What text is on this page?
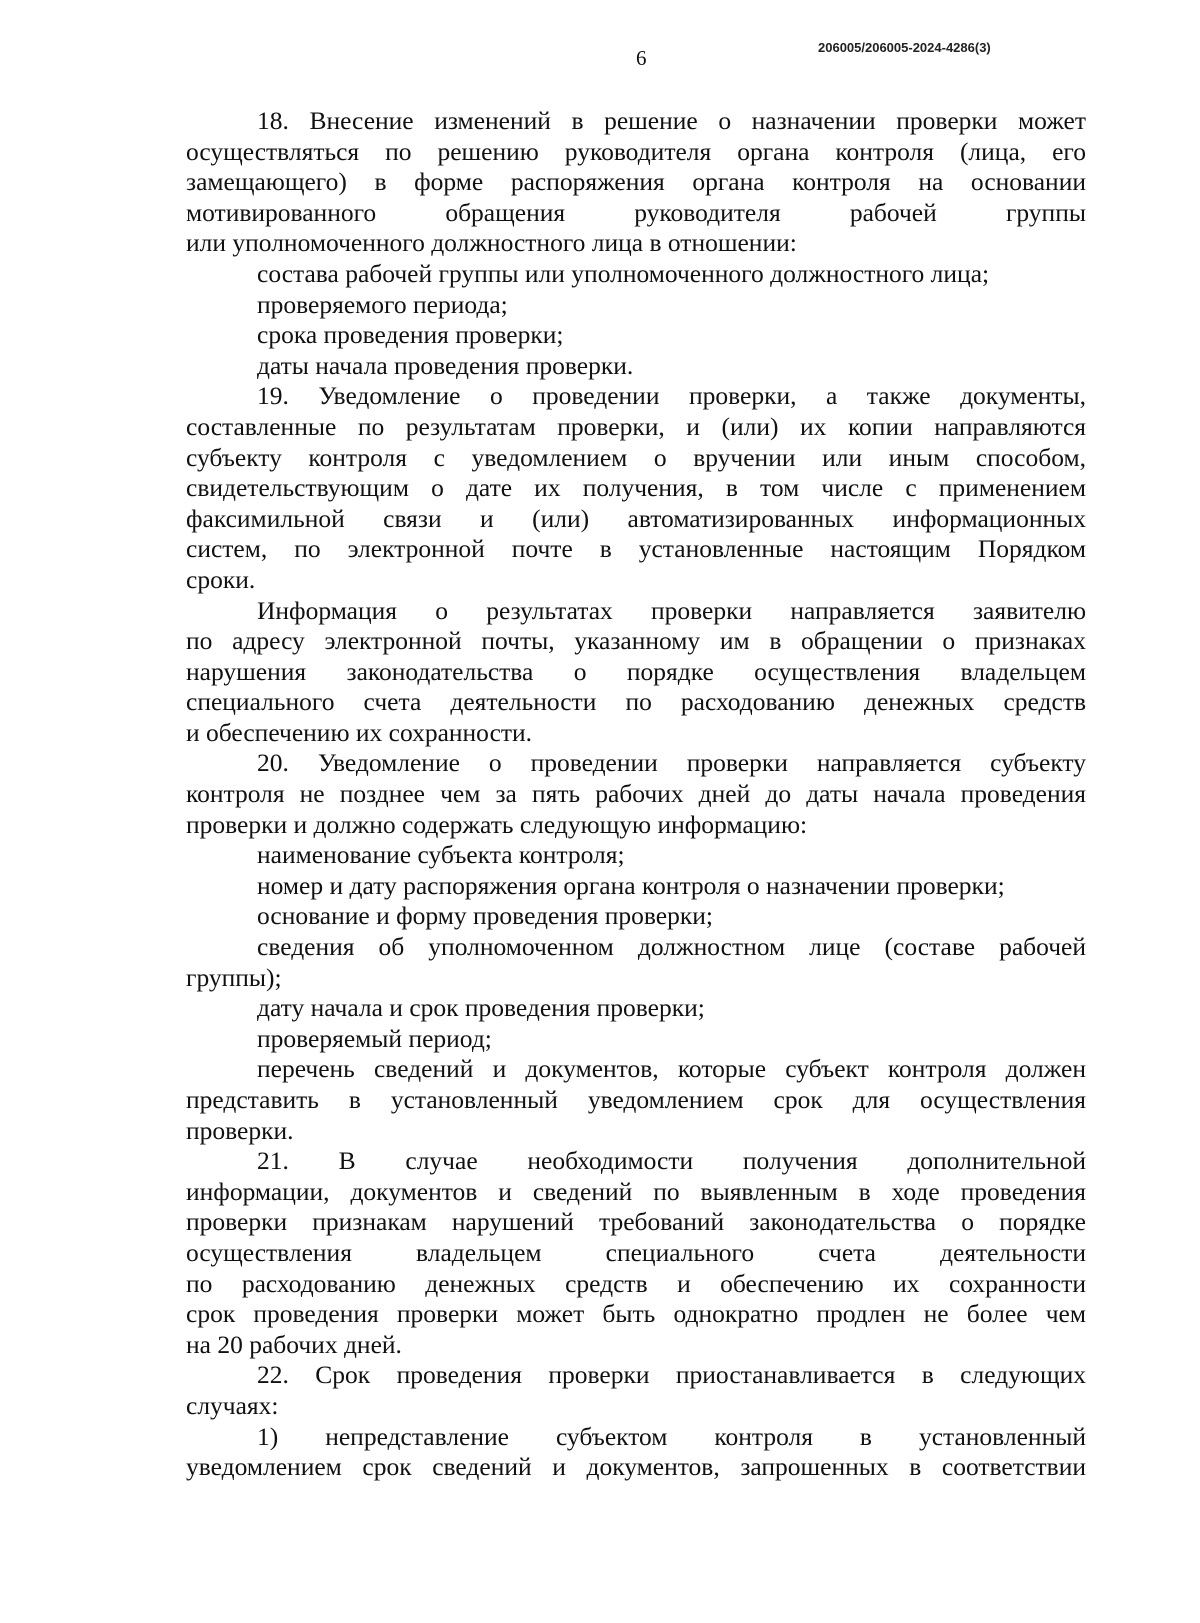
206005/206005-2024-4286(3)
6
18. Внесение изменений в решение о назначении проверки может
осуществляться по решению руководителя органа контроля (лица, его
замещающего) в форме распоряжения органа контроля на основании
мотивированного обращения руководителя рабочей группы
или уполномоченного должностного лица в отношении:
состава рабочей группы или уполномоченного должностного лица;
проверяемого периода;
срока проведения проверки;
даты начала проведения проверки.
19. Уведомление о проведении проверки, а также документы,
составленные по результатам проверки, и (или) их копии направляются
субъекту контроля с уведомлением о вручении или иным способом,
свидетельствующим о дате их получения, в том числе с применением
факсимильной связи и (или) автоматизированных информационных
систем, по электронной почте в установленные настоящим Порядком
сроки.
Информация о результатах проверки направляется заявителю
по адресу электронной почты, указанному им в обращении о признаках
нарушения законодательства о порядке осуществления владельцем
специального счета деятельности по расходованию денежных средств
и обеспечению их сохранности.
20. Уведомление о проведении проверки направляется субъекту
контроля не позднее чем за пять рабочих дней до даты начала проведения
проверки и должно содержать следующую информацию:
наименование субъекта контроля;
номер и дату распоряжения органа контроля о назначении проверки;
основание и форму проведения проверки;
сведения об уполномоченном должностном лице (составе рабочей
группы);
дату начала и срок проведения проверки;
проверяемый период;
перечень сведений и документов, которые субъект контроля должен
представить в установленный уведомлением срок для осуществления
проверки.
21. В случае необходимости получения дополнительной
информации, документов и сведений по выявленным в ходе проведения
проверки признакам нарушений требований законодательства о порядке
осуществления владельцем специального счета деятельности
по расходованию денежных средств и обеспечению их сохранности
срок проведения проверки может быть однократно продлен не более чем
на 20 рабочих дней.
22. Срок проведения проверки приостанавливается в следующих
случаях:
1) непредставление субъектом контроля в установленный
уведомлением срок сведений и документов, запрошенных в соответствии
